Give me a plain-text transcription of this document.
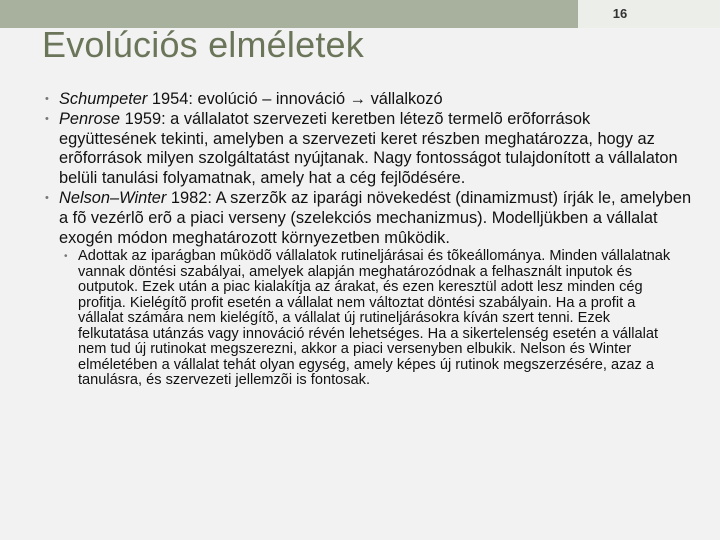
16
Evolúciós elméletek
• Schumpeter 1954: evolúció – innováció → vállalkozó
• Penrose 1959: a vállalatot szervezeti keretben létezõ termelõ erõforrások együttesének tekinti, amelyben a szervezeti keret részben meghatározza, hogy az erõforrások milyen szolgáltatást nyújtanak. Nagy fontosságot tulajdonított a vállalaton belüli tanulási folyamatnak, amely hat a cég fejlõdésére.
• Nelson–Winter 1982: A szerzõk az iparági növekedést (dinamizmust) írják le, amelyben a fõ vezérlõ erõ a piaci verseny (szelekciós mechanizmus). Modelljükben a vállalat exogén módon meghatározott környezetben mûködik.
• Adottak az iparágban mûködõ vállalatok rutineljárásai és tõkeállománya. Minden vállalatnak vannak döntési szabályai, amelyek alapján meghatározódnak a felhasznált inputok és outputok. Ezek után a piac kialakítja az árakat, és ezen keresztül adott lesz minden cég profitja. Kielégítõ profit esetén a vállalat nem változtat döntési szabályain. Ha a profit a vállalat számára nem kielégítõ, a vállalat új rutineljárásokra kíván szert tenni. Ezek felkutatása utánzás vagy innováció révén lehetséges. Ha a sikertelenség esetén a vállalat nem tud új rutinokat megszerezni, akkor a piaci versenyben elbukik. Nelson és Winter elméletében a vállalat tehát olyan egység, amely képes új rutinok megszerzésére, azaz a tanulásra, és szervezeti jellemzõi is fontosak.
